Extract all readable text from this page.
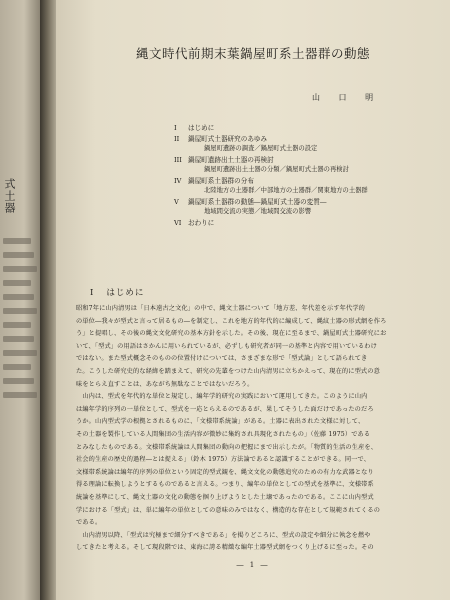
式土器
縄文時代前期末葉鍋屋町系土器群の動態
山 口 明
I	はじめに
II	鍋屋町式土器研究のあゆみ
鍋屋町遺跡の調査／鍋屋町式土器の設定
III 鍋屋町遺跡出土土器の再検討
鍋屋町遺跡出土土器の分類／鍋屋町式土器の再検討
IV	鍋屋町系土器群の分布
北陸地方の土器群／中部地方の土器群／関東地方の土器群
V	鍋屋町系土器群の動態―鍋屋町式土器の変質―
地域間交流の実態／地域間交流の影響
VI	おわりに
I はじめに
昭和7年に山内清男は「日本遠古之文化」の中で、縄文土器について「地方差、年代差を示す年代学的
の単位―我々が型式と言って居るもの―を制定し、これを地方的年代的に編成して、縄紋土器の形式網を作ろ
う」と提唱し、その後の縄文文化研究の基本方針を示した。その後、現在に至るまで、鍋屋町式土器研究にお
いて、「型式」の用語はさかんに用いられているが、必ずしも研究者が同一の基準と内容で用いているわけ
ではない。また型式概念そのものの位置付けについては、さまざまな形で「型式論」として語られてき
た。こうした研究史的な経緯を踏まえて、研究の先輩をつけた山内清男に立ちかえって、現在的に型式の意
味をとらえ直すことは、あながち無駄なことではないだろう。
　山内は、型式を年代的な単位と規定し、編年学的研究の実践において運用してきた。このように山内
は編年学的序列の一単位として、型式を一応とらえるのであるが、果してそうした面だけであったのだろ
うか。山内型式学の根拠とされるものに、「文様帯系統論」がある。土器に表出された文様に対して、
その土器を製作している人間集団の生活内容が微妙に集約され具現化されたもの」（佐藤 1975）である
とみなしたものである。文様帯系統論は人間集団の動向の把握にまで出示したが。「物質的生活の生産を、
社会的生産の歴史的過程―とは捉える」（鈴木 1975）方法論であると認識することができる。同一で、
文様帯系統論は編年的序列の単位という固定的型式観を、縄文文化の動態追究のための有力な武器となり
得る理論に転換しようとするものであると言える。つまり、編年の単位としての型式を基準に、文様帯系
統論を基準にして、縄文土器の文化の動態を掴り上げようとした土壌であったのである。ここに山内型式
学における「型式」は、単に編年の単位としての意味のみではなく、構造的な存在として規範されてくるの
である。
　山内清男以降、「型式は究極まで細分すべきである」を掲りどころに、型式の設定や細分に執念を燃や
してきたと考える。そして現段階では、東海に誇る精緻な編年土器型式網をつくり上げるに至った。その
― 1 ―
